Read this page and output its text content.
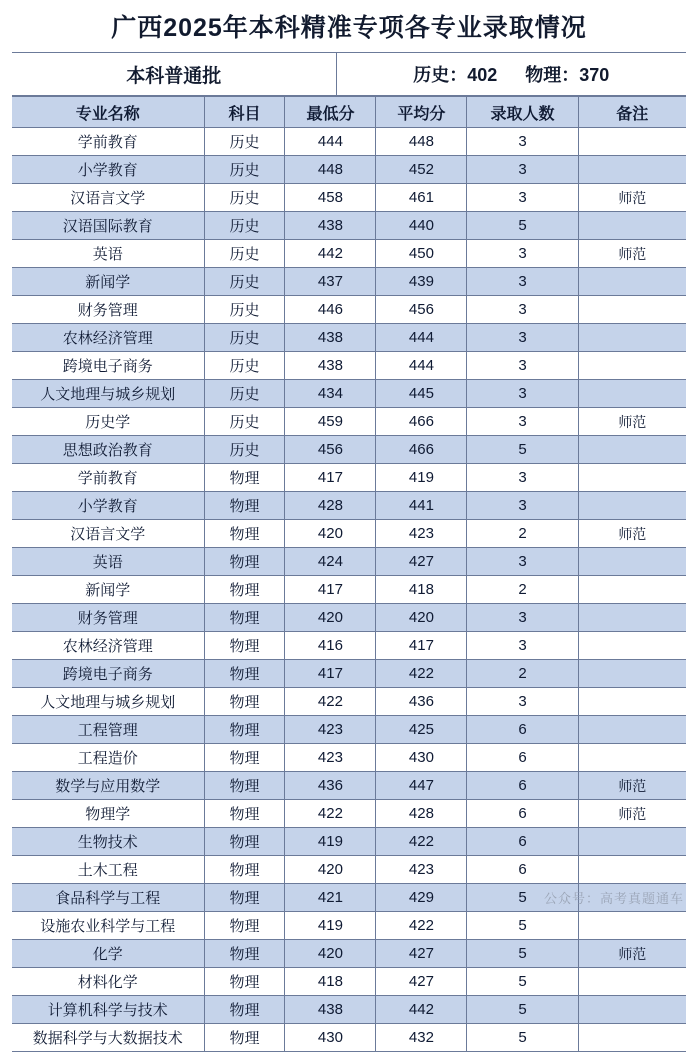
广西2025年本科精准专项各专业录取情况
本科普通批	历史：402 物理：370
专业名称	科目	最低分	平均分	录取人数	备注
学前教育	历史	444	448	3	
小学教育	历史	448	452	3	
汉语言文学	历史	458	461	3	师范
汉语国际教育	历史	438	440	5	
英语	历史	442	450	3	师范
新闻学	历史	437	439	3	
财务管理	历史	446	456	3	
农林经济管理	历史	438	444	3	
跨境电子商务	历史	438	444	3	
人文地理与城乡规划	历史	434	445	3	
历史学	历史	459	466	3	师范
思想政治教育	历史	456	466	5	
学前教育	物理	417	419	3	
小学教育	物理	428	441	3	
汉语言文学	物理	420	423	2	师范
英语	物理	424	427	3	
新闻学	物理	417	418	2	
财务管理	物理	420	420	3	
农林经济管理	物理	416	417	3	
跨境电子商务	物理	417	422	2	
人文地理与城乡规划	物理	422	436	3	
工程管理	物理	423	425	6	
工程造价	物理	423	430	6	
数学与应用数学	物理	436	447	6	师范
物理学	物理	422	428	6	师范
生物技术	物理	419	422	6	
土木工程	物理	420	423	6	
食品科学与工程	物理	421	429	5	
设施农业科学与工程	物理	419	422	5	
化学	物理	420	427	5	师范
材料化学	物理	418	427	5	
计算机科学与技术	物理	438	442	5	
数据科学与大数据技术	物理	430	432	5	
公众号：高考真题通车
